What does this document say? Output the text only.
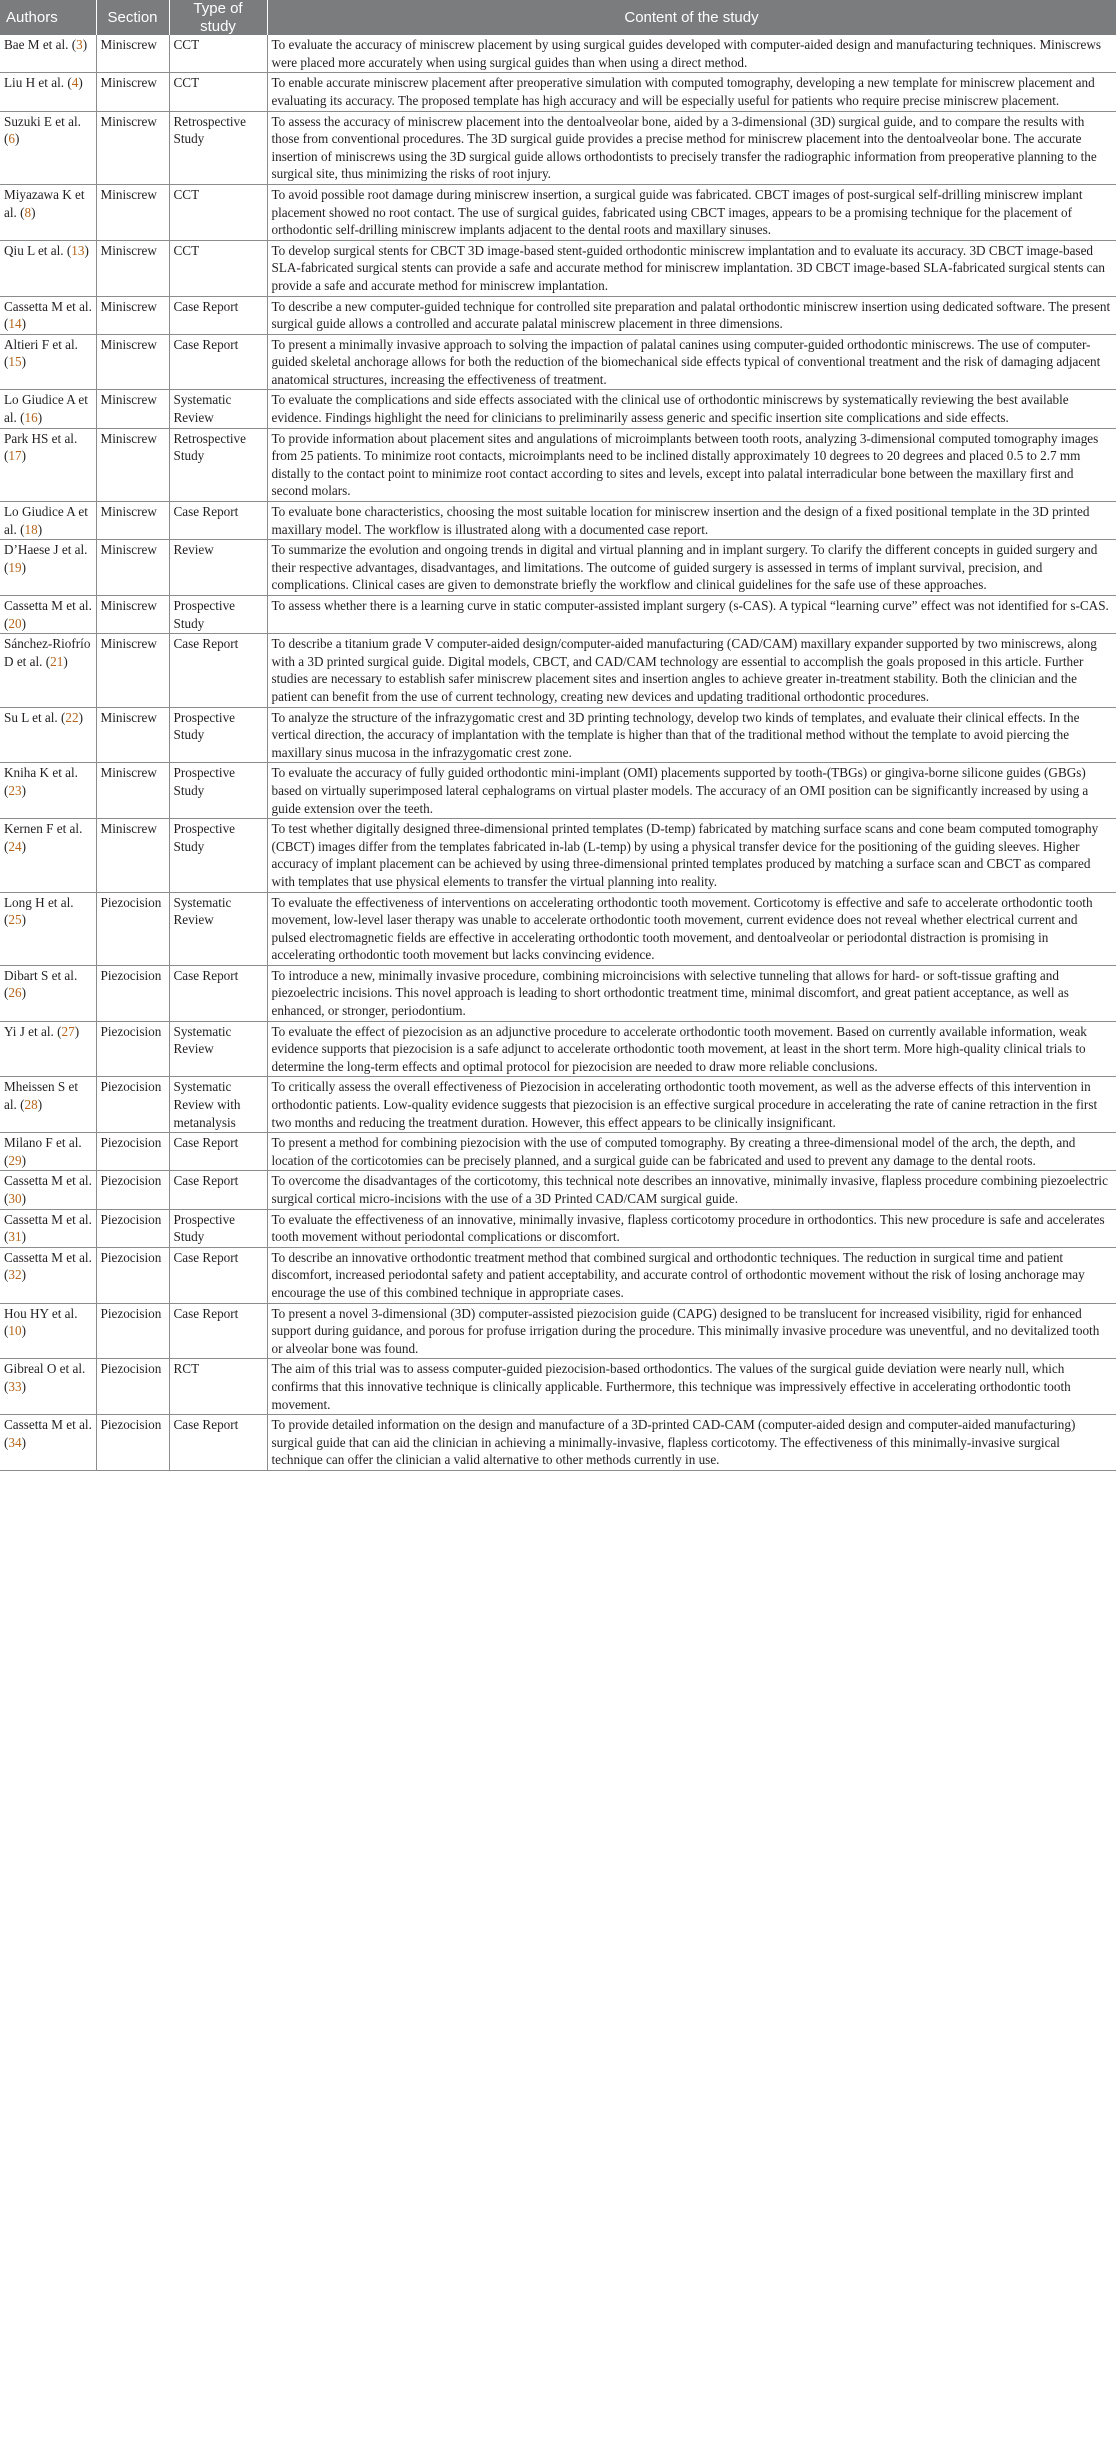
Authors	Section	Type of study	Content of the study
Bae M et al. (3)	Miniscrew	CCT	To evaluate the accuracy of miniscrew placement by using surgical guides developed with computer-aided design and manufacturing techniques. Miniscrews were placed more accurately when using surgical guides than when using a direct method.
Liu H et al. (4)	Miniscrew	CCT	To enable accurate miniscrew placement after preoperative simulation with computed tomography, developing a new template for miniscrew placement and evaluating its accuracy. The proposed template has high accuracy and will be especially useful for patients who require precise miniscrew placement.
Suzuki E et al. (6)	Miniscrew	Retrospective Study	To assess the accuracy of miniscrew placement into the dentoalveolar bone, aided by a 3-dimensional (3D) surgical guide, and to compare the results with those from conventional procedures. The 3D surgical guide provides a precise method for miniscrew placement into the dentoalveolar bone. The accurate insertion of miniscrews using the 3D surgical guide allows orthodontists to precisely transfer the radiographic information from preoperative planning to the surgical site, thus minimizing the risks of root injury.
Miyazawa K et al. (8)	Miniscrew	CCT	To avoid possible root damage during miniscrew insertion, a surgical guide was fabricated. CBCT images of post-surgical self-drilling miniscrew implant placement showed no root contact. The use of surgical guides, fabricated using CBCT images, appears to be a promising technique for the placement of orthodontic self-drilling miniscrew implants adjacent to the dental roots and maxillary sinuses.
Qiu L et al. (13)	Miniscrew	CCT	To develop surgical stents for CBCT 3D image-based stent-guided orthodontic miniscrew implantation and to evaluate its accuracy. 3D CBCT image-based SLA-fabricated surgical stents can provide a safe and accurate method for miniscrew implantation. 3D CBCT image-based SLA-fabricated surgical stents can provide a safe and accurate method for miniscrew implantation.
Cassetta M et al. (14)	Miniscrew	Case Report	To describe a new computer-guided technique for controlled site preparation and palatal orthodontic miniscrew insertion using dedicated software. The present surgical guide allows a controlled and accurate palatal miniscrew placement in three dimensions.
Altieri F et al. (15)	Miniscrew	Case Report	To present a minimally invasive approach to solving the impaction of palatal canines using computer-guided orthodontic miniscrews. The use of computer-guided skeletal anchorage allows for both the reduction of the biomechanical side effects typical of conventional treatment and the risk of damaging adjacent anatomical structures, increasing the effectiveness of treatment.
Lo Giudice A et al. (16)	Miniscrew	Systematic Review	To evaluate the complications and side effects associated with the clinical use of orthodontic miniscrews by systematically reviewing the best available evidence. Findings highlight the need for clinicians to preliminarily assess generic and specific insertion site complications and side effects.
Park HS et al. (17)	Miniscrew	Retrospective Study	To provide information about placement sites and angulations of microimplants between tooth roots, analyzing 3-dimensional computed tomography images from 25 patients. To minimize root contacts, microimplants need to be inclined distally approximately 10 degrees to 20 degrees and placed 0.5 to 2.7 mm distally to the contact point to minimize root contact according to sites and levels, except into palatal interradicular bone between the maxillary first and second molars.
Lo Giudice A et al. (18)	Miniscrew	Case Report	To evaluate bone characteristics, choosing the most suitable location for miniscrew insertion and the design of a fixed positional template in the 3D printed maxillary model. The workflow is illustrated along with a documented case report.
D’Haese J et al. (19)	Miniscrew	Review	To summarize the evolution and ongoing trends in digital and virtual planning and in implant surgery. To clarify the different concepts in guided surgery and their respective advantages, disadvantages, and limitations. The outcome of guided surgery is assessed in terms of implant survival, precision, and complications. Clinical cases are given to demonstrate briefly the workflow and clinical guidelines for the safe use of these approaches.
Cassetta M et al. (20)	Miniscrew	Prospective Study	To assess whether there is a learning curve in static computer-assisted implant surgery (s-CAS). A typical “learning curve” effect was not identified for s-CAS.
Sánchez-Riofrío D et al. (21)	Miniscrew	Case Report	To describe a titanium grade V computer-aided design/computer-aided manufacturing (CAD/CAM) maxillary expander supported by two miniscrews, along with a 3D printed surgical guide. Digital models, CBCT, and CAD/CAM technology are essential to accomplish the goals proposed in this article. Further studies are necessary to establish safer miniscrew placement sites and insertion angles to achieve greater in-treatment stability. Both the clinician and the patient can benefit from the use of current technology, creating new devices and updating traditional orthodontic procedures.
Su L et al. (22)	Miniscrew	Prospective Study	To analyze the structure of the infrazygomatic crest and 3D printing technology, develop two kinds of templates, and evaluate their clinical effects. In the vertical direction, the accuracy of implantation with the template is higher than that of the traditional method without the template to avoid piercing the maxillary sinus mucosa in the infrazygomatic crest zone.
Kniha K et al. (23)	Miniscrew	Prospective Study	To evaluate the accuracy of fully guided orthodontic mini-implant (OMI) placements supported by tooth-(TBGs) or gingiva-borne silicone guides (GBGs) based on virtually superimposed lateral cephalograms on virtual plaster models. The accuracy of an OMI position can be significantly increased by using a guide extension over the teeth.
Kernen F et al. (24)	Miniscrew	Prospective Study	To test whether digitally designed three-dimensional printed templates (D-temp) fabricated by matching surface scans and cone beam computed tomography (CBCT) images differ from the templates fabricated in-lab (L-temp) by using a physical transfer device for the positioning of the guiding sleeves. Higher accuracy of implant placement can be achieved by using three-dimensional printed templates produced by matching a surface scan and CBCT as compared with templates that use physical elements to transfer the virtual planning into reality.
Long H et al. (25)	Piezocision	Systematic Review	To evaluate the effectiveness of interventions on accelerating orthodontic tooth movement. Corticotomy is effective and safe to accelerate orthodontic tooth movement, low-level laser therapy was unable to accelerate orthodontic tooth movement, current evidence does not reveal whether electrical current and pulsed electromagnetic fields are effective in accelerating orthodontic tooth movement, and dentoalveolar or periodontal distraction is promising in accelerating orthodontic tooth movement but lacks convincing evidence.
Dibart S et al. (26)	Piezocision	Case Report	To introduce a new, minimally invasive procedure, combining microincisions with selective tunneling that allows for hard- or soft-tissue grafting and piezoelectric incisions. This novel approach is leading to short orthodontic treatment time, minimal discomfort, and great patient acceptance, as well as enhanced, or stronger, periodontium.
Yi J et al. (27)	Piezocision	Systematic Review	To evaluate the effect of piezocision as an adjunctive procedure to accelerate orthodontic tooth movement. Based on currently available information, weak evidence supports that piezocision is a safe adjunct to accelerate orthodontic tooth movement, at least in the short term. More high-quality clinical trials to determine the long-term effects and optimal protocol for piezocision are needed to draw more reliable conclusions.
Mheissen S et al. (28)	Piezocision	Systematic Review with metanalysis	To critically assess the overall effectiveness of Piezocision in accelerating orthodontic tooth movement, as well as the adverse effects of this intervention in orthodontic patients. Low-quality evidence suggests that piezocision is an effective surgical procedure in accelerating the rate of canine retraction in the first two months and reducing the treatment duration. However, this effect appears to be clinically insignificant.
Milano F et al. (29)	Piezocision	Case Report	To present a method for combining piezocision with the use of computed tomography. By creating a three-dimensional model of the arch, the depth, and location of the corticotomies can be precisely planned, and a surgical guide can be fabricated and used to prevent any damage to the dental roots.
Cassetta M et al. (30)	Piezocision	Case Report	To overcome the disadvantages of the corticotomy, this technical note describes an innovative, minimally invasive, flapless procedure combining piezoelectric surgical cortical micro-incisions with the use of a 3D Printed CAD/CAM surgical guide.
Cassetta M et al. (31)	Piezocision	Prospective Study	To evaluate the effectiveness of an innovative, minimally invasive, flapless corticotomy procedure in orthodontics. This new procedure is safe and accelerates tooth movement without periodontal complications or discomfort.
Cassetta M et al. (32)	Piezocision	Case Report	To describe an innovative orthodontic treatment method that combined surgical and orthodontic techniques. The reduction in surgical time and patient discomfort, increased periodontal safety and patient acceptability, and accurate control of orthodontic movement without the risk of losing anchorage may encourage the use of this combined technique in appropriate cases.
Hou HY et al. (10)	Piezocision	Case Report	To present a novel 3-dimensional (3D) computer-assisted piezocision guide (CAPG) designed to be translucent for increased visibility, rigid for enhanced support during guidance, and porous for profuse irrigation during the procedure. This minimally invasive procedure was uneventful, and no devitalized tooth or alveolar bone was found.
Gibreal O et al. (33)	Piezocision	RCT	The aim of this trial was to assess computer-guided piezocision-based orthodontics. The values of the surgical guide deviation were nearly null, which confirms that this innovative technique is clinically applicable. Furthermore, this technique was impressively effective in accelerating orthodontic tooth movement.
Cassetta M et al. (34)	Piezocision	Case Report	To provide detailed information on the design and manufacture of a 3D-printed CAD-CAM (computer-aided design and computer-aided manufacturing) surgical guide that can aid the clinician in achieving a minimally-invasive, flapless corticotomy. The effectiveness of this minimally-invasive surgical technique can offer the clinician a valid alternative to other methods currently in use.
